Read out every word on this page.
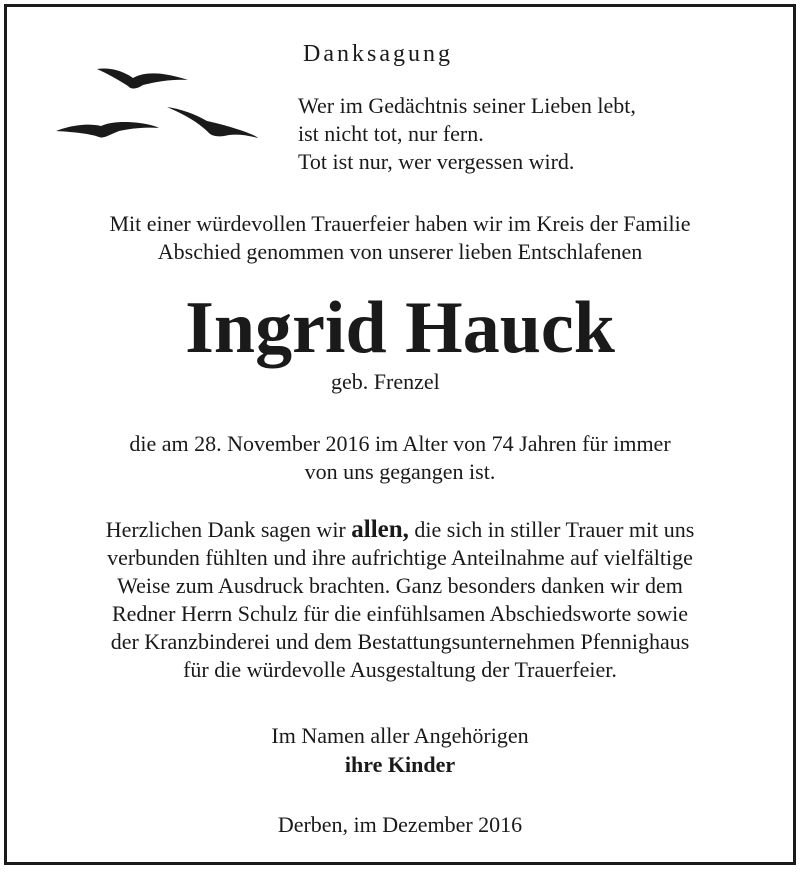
Danksagung
Wer im Gedächtnis seiner Lieben lebt,
ist nicht tot, nur fern.
Tot ist nur, wer vergessen wird.
Mit einer würdevollen Trauerfeier haben wir im Kreis der Familie
Abschied genommen von unserer lieben Entschlafenen
Ingrid Hauck
geb. Frenzel
die am 28. November 2016 im Alter von 74 Jahren für immer
von uns gegangen ist.
Herzlichen Dank sagen wir allen, die sich in stiller Trauer mit uns
verbunden fühlten und ihre aufrichtige Anteilnahme auf vielfältige
Weise zum Ausdruck brachten. Ganz besonders danken wir dem
Redner Herrn Schulz für die einfühlsamen Abschiedsworte sowie
der Kranzbinderei und dem Bestattungsunternehmen Pfennighaus
für die würdevolle Ausgestaltung der Trauerfeier.
Im Namen aller Angehörigen
ihre Kinder
Derben, im Dezember 2016
